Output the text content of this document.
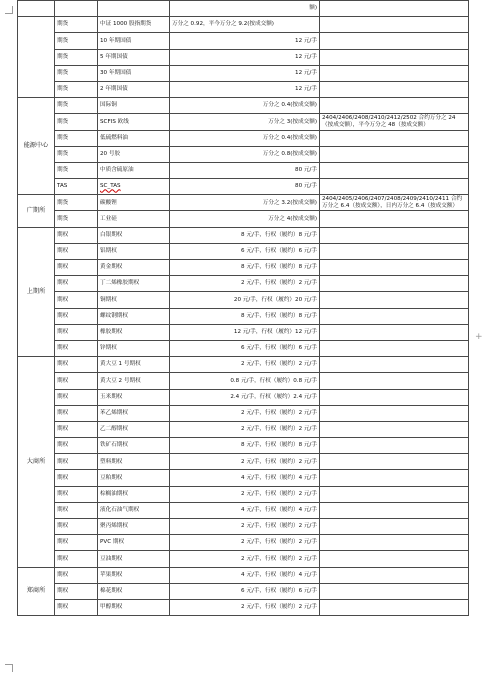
+
			额)	
	期货	中证 1000 股指期货	万分之 0.92，平今万分之 9.2(按成交额)	
	期货	10 年期国债	12 元/手	
	期货	5 年期国债	12 元/手	
	期货	30 年期国债	12 元/手	
	期货	2 年期国债	12 元/手	
能源中心	期货	国际铜	万分之 0.4(按成交额)	
	期货	SCFIS 欧线	万分之 3(按成交额)	2404/2406/2408/2410/2412/2502 合约万分之 24（按成交额），平今万分之 48（按成交额）
	期货	低硫燃料油	万分之 0.4(按成交额)	
	期货	20 号胶	万分之 0.8(按成交额)	
	期货	中质含硫原油	80 元/手	
	TAS	SC_TAS	80 元/手	
广期所	期货	碳酸锂	万分之 3.2(按成交额)	2404/2405/2406/2407/2408/2409/2410/2411 合约万分之 6.4（按成交额），日内万分之 6.4（按成交额）
	期货	工业硅	万分之 4(按成交额)	
上期所	期权	白银期权	8 元/手，行权（履约）8 元/手	
	期权	铝期权	6 元/手，行权（履约）6 元/手	
	期权	黄金期权	8 元/手，行权（履约）8 元/手	
	期权	丁二烯橡胶期权	2 元/手，行权（履约）2 元/手	
	期权	铜期权	20 元/手，行权（履约）20 元/手	
	期权	螺纹钢期权	8 元/手，行权（履约）8 元/手	
	期权	橡胶期权	12 元/手，行权（履约）12 元/手	
	期权	锌期权	6 元/手，行权（履约）6 元/手	
大商所	期权	黄大豆 1 号期权	2 元/手，行权（履约）2 元/手	
	期权	黄大豆 2 号期权	0.8 元/手，行权（履约）0.8 元/手	
	期权	玉米期权	2.4 元/手，行权（履约）2.4 元/手	
	期权	苯乙烯期权	2 元/手，行权（履约）2 元/手	
	期权	乙二醇期权	2 元/手，行权（履约）2 元/手	
	期权	铁矿石期权	8 元/手，行权（履约）8 元/手	
	期权	塑料期权	2 元/手，行权（履约）2 元/手	
	期权	豆粕期权	4 元/手，行权（履约）4 元/手	
	期权	棕榈油期权	2 元/手，行权（履约）2 元/手	
	期权	液化石油气期权	4 元/手，行权（履约）4 元/手	
	期权	聚丙烯期权	2 元/手，行权（履约）2 元/手	
	期权	PVC 期权	2 元/手，行权（履约）2 元/手	
	期权	豆油期权	2 元/手，行权（履约）2 元/手	
郑商所	期权	苹果期权	4 元/手，行权（履约）4 元/手	
	期权	棉花期权	6 元/手，行权（履约）6 元/手	
	期权	甲醇期权	2 元/手，行权（履约）2 元/手	
